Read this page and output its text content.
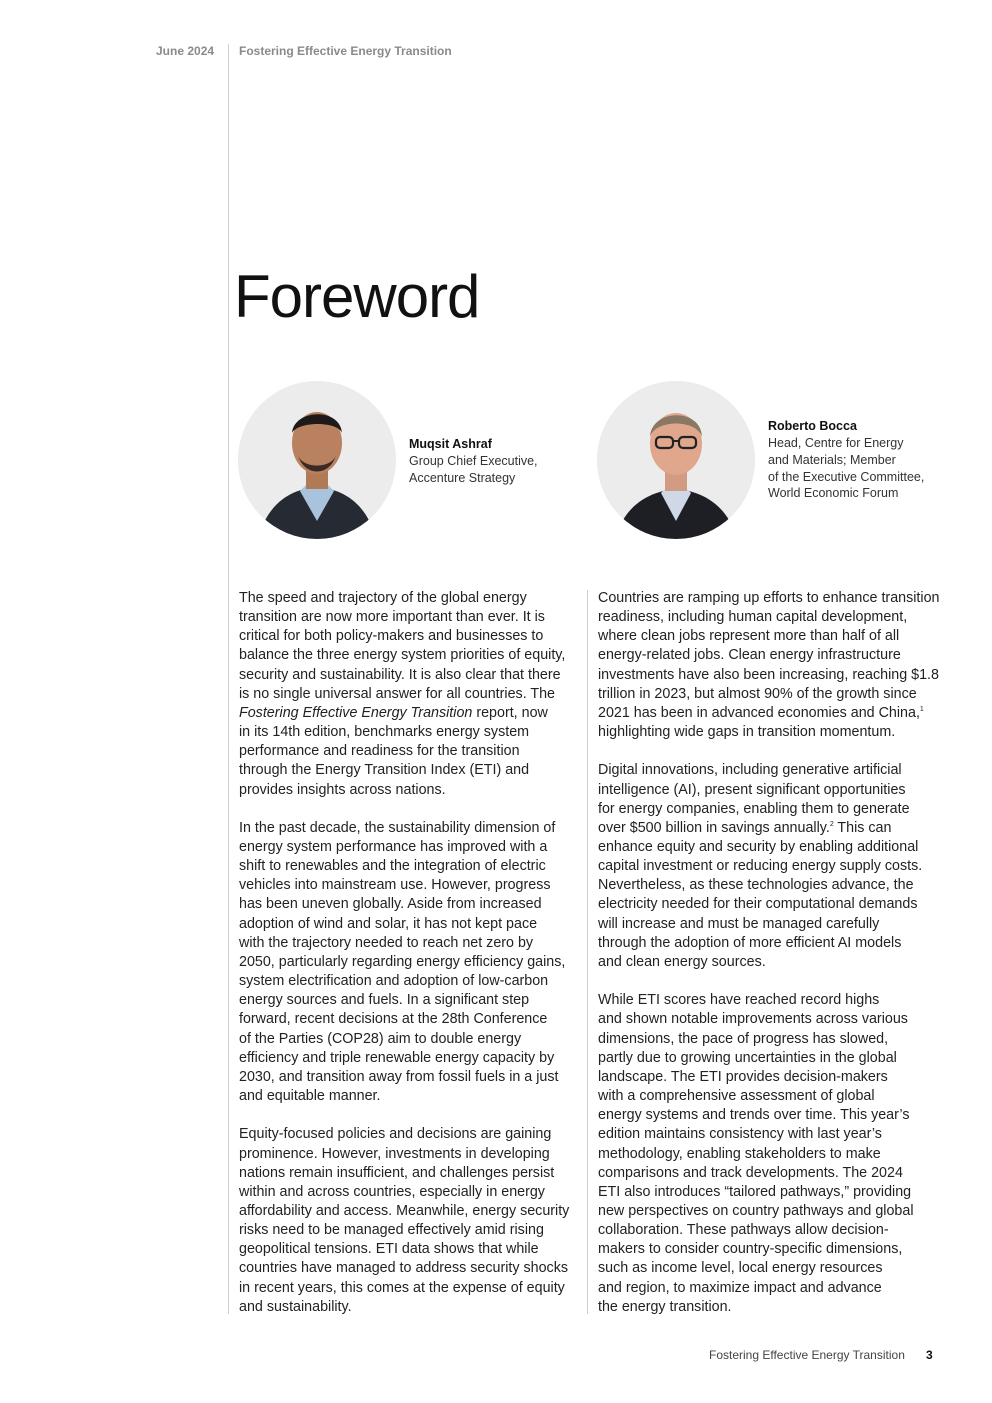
June 2024 Fostering Effective Energy Transition
Foreword
Muqsit Ashraf
Group Chief Executive,
Accenture Strategy
Roberto Bocca
Head, Centre for Energy
and Materials; Member
of the Executive Committee,
World Economic Forum

The speed and trajectory of the global energy
transition are now more important than ever. It is
critical for both policy-makers and businesses to
balance the three energy system priorities of equity,
security and sustainability. It is also clear that there
is no single universal answer for all countries. The
Fostering Effective Energy Transition report, now
in its 14th edition, benchmarks energy system
performance and readiness for the transition
through the Energy Transition Index (ETI) and
provides insights across nations.

In the past decade, the sustainability dimension of
energy system performance has improved with a
shift to renewables and the integration of electric
vehicles into mainstream use. However, progress
has been uneven globally. Aside from increased
adoption of wind and solar, it has not kept pace
with the trajectory needed to reach net zero by
2050, particularly regarding energy efficiency gains,
system electrification and adoption of low-carbon
energy sources and fuels. In a significant step
forward, recent decisions at the 28th Conference
of the Parties (COP28) aim to double energy
efficiency and triple renewable energy capacity by
2030, and transition away from fossil fuels in a just
and equitable manner.

Equity-focused policies and decisions are gaining
prominence. However, investments in developing
nations remain insufficient, and challenges persist
within and across countries, especially in energy
affordability and access. Meanwhile, energy security
risks need to be managed effectively amid rising
geopolitical tensions. ETI data shows that while
countries have managed to address security shocks
in recent years, this comes at the expense of equity
and sustainability.

Countries are ramping up efforts to enhance transition
readiness, including human capital development,
where clean jobs represent more than half of all
energy-related jobs. Clean energy infrastructure
investments have also been increasing, reaching $1.8
trillion in 2023, but almost 90% of the growth since
2021 has been in advanced economies and China,$^1$
highlighting wide gaps in transition momentum.

Digital innovations, including generative artificial
intelligence (AI), present significant opportunities
for energy companies, enabling them to generate
over $500 billion in savings annually.$^2$ This can
enhance equity and security by enabling additional
capital investment or reducing energy supply costs.
Nevertheless, as these technologies advance, the
electricity needed for their computational demands
will increase and must be managed carefully
through the adoption of more efficient AI models
and clean energy sources.

While ETI scores have reached record highs
and shown notable improvements across various
dimensions, the pace of progress has slowed,
partly due to growing uncertainties in the global
landscape. The ETI provides decision-makers
with a comprehensive assessment of global
energy systems and trends over time. This year’s
edition maintains consistency with last year’s
methodology, enabling stakeholders to make
comparisons and track developments. The 2024
ETI also introduces “tailored pathways,” providing
new perspectives on country pathways and global
collaboration. These pathways allow decision-
makers to consider country-specific dimensions,
such as income level, local energy resources
and region, to maximize impact and advance
the energy transition.

Fostering Effective Energy Transition 3
